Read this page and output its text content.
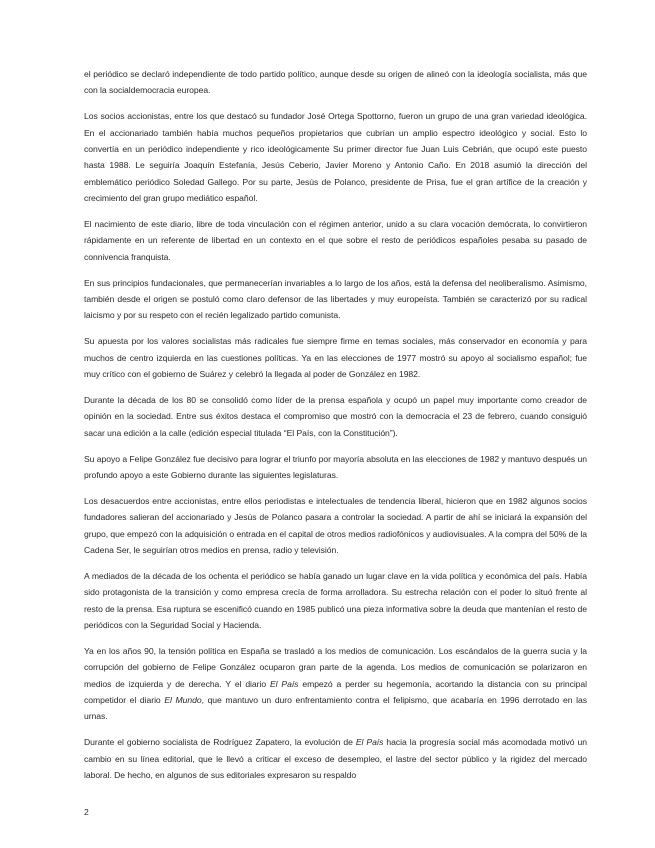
el periódico se declaró independiente de todo partido político, aunque desde su origen de alineó con la ideología socialista, más que con la socialdemocracia europea.

Los socios accionistas, entre los que destacó su fundador José Ortega Spottorno, fueron un grupo de una gran variedad ideológica. En el accionariado también había muchos pequeños propietarios que cubrían un amplio espectro ideológico y social. Esto lo convertía en un periódico independiente y rico ideológicamente Su primer director fue Juan Luis Cebrián, que ocupó este puesto hasta 1988. Le seguiría Joaquín Estefanía, Jesús Ceberio, Javier Moreno y Antonio Caño. En 2018 asumió la dirección del emblemático periódico Soledad Gallego. Por su parte, Jesús de Polanco, presidente de Prisa, fue el gran artífice de la creación y crecimiento del gran grupo mediático español.

El nacimiento de este diario, libre de toda vinculación con el régimen anterior, unido a su clara vocación demócrata, lo convirtieron rápidamente en un referente de libertad en un contexto en el que sobre el resto de periódicos españoles pesaba su pasado de connivencia franquista.

En sus principios fundacionales, que permanecerían invariables a lo largo de los años, está la defensa del neoliberalismo. Asimismo, también desde el origen se postuló como claro defensor de las libertades y muy europeísta. También se caracterizó por su radical laicismo y por su respeto con el recién legalizado partido comunista.

Su apuesta por los valores socialistas más radicales fue siempre firme en temas sociales, más conservador en economía y para muchos de centro izquierda en las cuestiones políticas. Ya en las elecciones de 1977 mostró su apoyo al socialismo español; fue muy crítico con el gobierno de Suárez y celebró la llegada al poder de González en 1982.

Durante la década de los 80 se consolidó como líder de la prensa española y ocupó un papel muy importante como creador de opinión en la sociedad. Entre sus éxitos destaca el compromiso que mostró con la democracia el 23 de febrero, cuando consiguió sacar una edición a la calle (edición especial titulada “El País, con la Constitución”).

Su apoyo a Felipe González fue decisivo para lograr el triunfo por mayoría absoluta en las elecciones de 1982 y mantuvo después un profundo apoyo a este Gobierno durante las siguientes legislaturas.

Los desacuerdos entre accionistas, entre ellos periodistas e intelectuales de tendencia liberal, hicieron que en 1982 algunos socios fundadores salieran del accionariado y Jesús de Polanco pasara a controlar la sociedad. A partir de ahí se iniciará la expansión del grupo, que empezó con la adquisición o entrada en el capital de otros medios radiofónicos y audiovisuales. A la compra del 50% de la Cadena Ser, le seguirían otros medios en prensa, radio y televisión.

A mediados de la década de los ochenta el periódico se había ganado un lugar clave en la vida política y económica del país. Había sido protagonista de la transición y como empresa crecía de forma arrolladora. Su estrecha relación con el poder lo situó frente al resto de la prensa. Esa ruptura se escenificó cuando en 1985 publicó una pieza informativa sobre la deuda que mantenían el resto de periódicos con la Seguridad Social y Hacienda.

Ya en los años 90, la tensión política en España se trasladó a los medios de comunicación. Los escándalos de la guerra sucia y la corrupción del gobierno de Felipe González ocuparon gran parte de la agenda. Los medios de comunicación se polarizaron en medios de izquierda y de derecha. Y el diario El País empezó a perder su hegemonía, acortando la distancia con su principal competidor el diario El Mundo, que mantuvo un duro enfrentamiento contra el felipismo, que acabaría en 1996 derrotado en las urnas.

Durante el gobierno socialista de Rodríguez Zapatero, la evolución de El País hacia la progresía social más acomodada motivó un cambio en su línea editorial, que le llevó a criticar el exceso de desempleo, el lastre del sector público y la rigidez del mercado laboral. De hecho, en algunos de sus editoriales expresaron su respaldo

2
